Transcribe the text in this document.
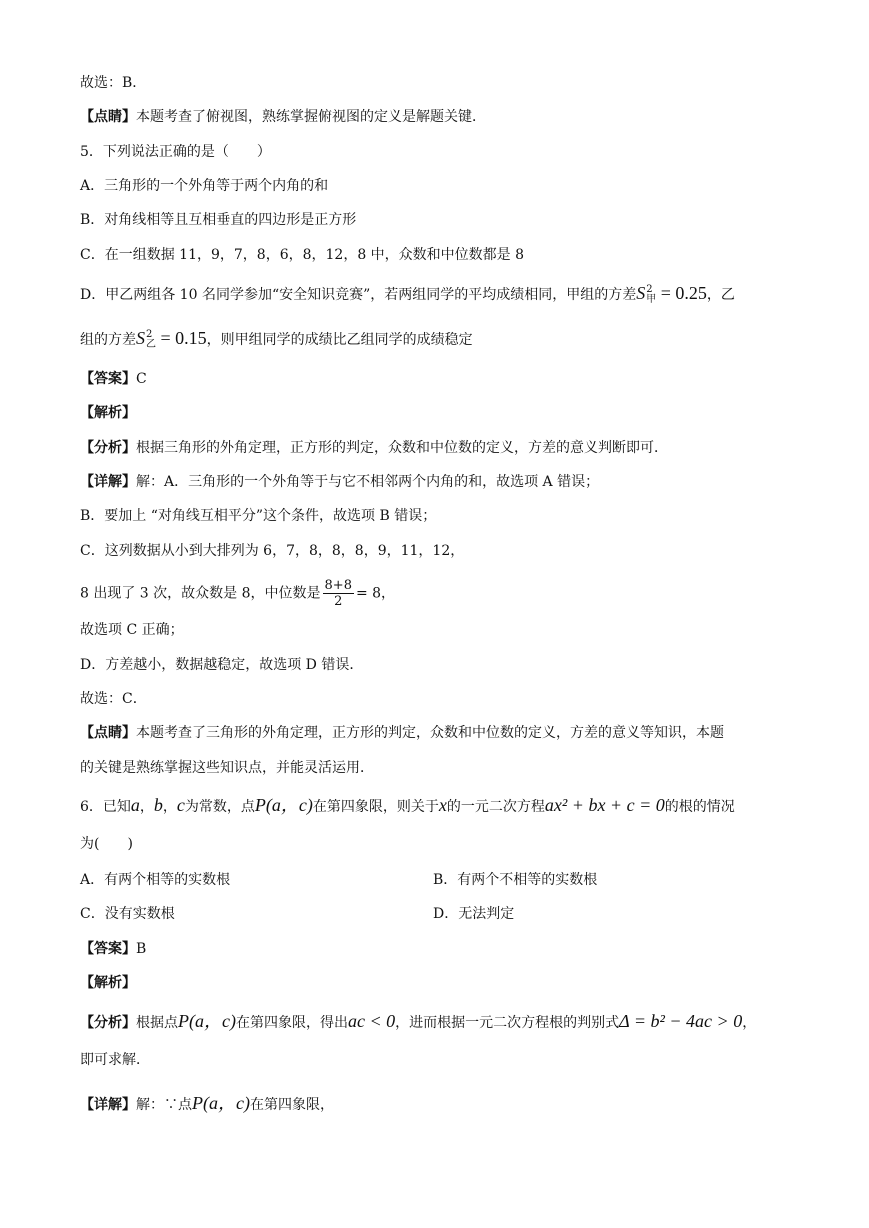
故选：B．
【点睛】本题考查了俯视图，熟练掌握俯视图的定义是解题关键．
5．下列说法正确的是（　　）
A．三角形的一个外角等于两个内角的和
B．对角线相等且互相垂直的四边形是正方形
C．在一组数据 11，9，7，8，6，8，12，8 中，众数和中位数都是 8
D．甲乙两组各 10 名同学参加“安全知识竞赛”，若两组同学的平均成绩相同，甲组的方差S 2
甲 = 0.25，乙
组的方差S 2
乙 = 0.15，则甲组同学的成绩比乙组同学的成绩稳定
【答案】C
【解析】
【分析】根据三角形的外角定理，正方形的判定，众数和中位数的定义，方差的意义判断即可．
【详解】解：A．三角形的一个外角等于与它不相邻两个内角的和，故选项 A 错误；
B．要加上 “对角线互相平分”这个条件，故选项 B 错误；
C．这列数据从小到大排列为 6，7，8，8，8，9，11，12，
8 出现了 3 次，故众数是 8，中位数是 $\frac{8+8}{2} = 8$，
故选项 C 正确；
D．方差越小，数据越稳定，故选项 D 错误．
故选：C．
【点睛】本题考查了三角形的外角定理，正方形的判定，众数和中位数的定义，方差的意义等知识，本题
的关键是熟练掌握这些知识点，并能灵活运用．
6．已知a，b，c为常数，点P(a，c)在第四象限，则关于x的一元二次方程ax² + bx + c = 0的根的情况
为(　　)
A．有两个相等的实数根	B．有两个不相等的实数根
C．没有实数根	D．无法判定
【答案】B
【解析】
【分析】根据点P(a，c)在第四象限，得出ac < 0，进而根据一元二次方程根的判别式Δ = b² − 4ac > 0，
即可求解．
【详解】解：∵点P(a，c)在第四象限，
